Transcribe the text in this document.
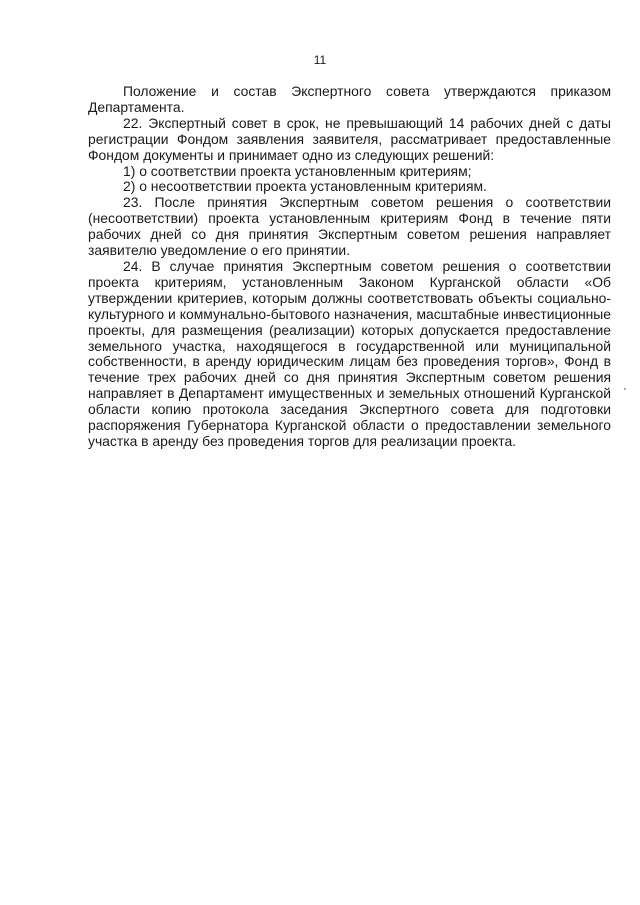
11

Положение и состав Экспертного совета утверждаются приказом Департамента.

22. Экспертный совет в срок, не превышающий 14 рабочих дней с даты регистрации Фондом заявления заявителя, рассматривает предоставленные Фондом документы и принимает одно из следующих решений:

1) о соответствии проекта установленным критериям;

2) о несоответствии проекта установленным критериям.

23. После принятия Экспертным советом решения о соответствии (несоответствии) проекта установленным критериям Фонд в течение пяти рабочих дней со дня принятия Экспертным советом решения направляет заявителю уведомление о его принятии.

24. В случае принятия Экспертным советом решения о соответствии проекта критериям, установленным Законом Курганской области «Об утверждении критериев, которым должны соответствовать объекты социально-культурного и коммунально-бытового назначения, масштабные инвестиционные проекты, для размещения (реализации) которых допускается предоставление земельного участка, находящегося в государственной или муниципальной собственности, в аренду юридическим лицам без проведения торгов», Фонд в течение трех рабочих дней со дня принятия Экспертным советом решения направляет в Департамент имущественных и земельных отношений Курганской области копию протокола заседания Экспертного совета для подготовки распоряжения Губернатора Курганской области о предоставлении земельного участка в аренду без проведения торгов для реализации проекта.
